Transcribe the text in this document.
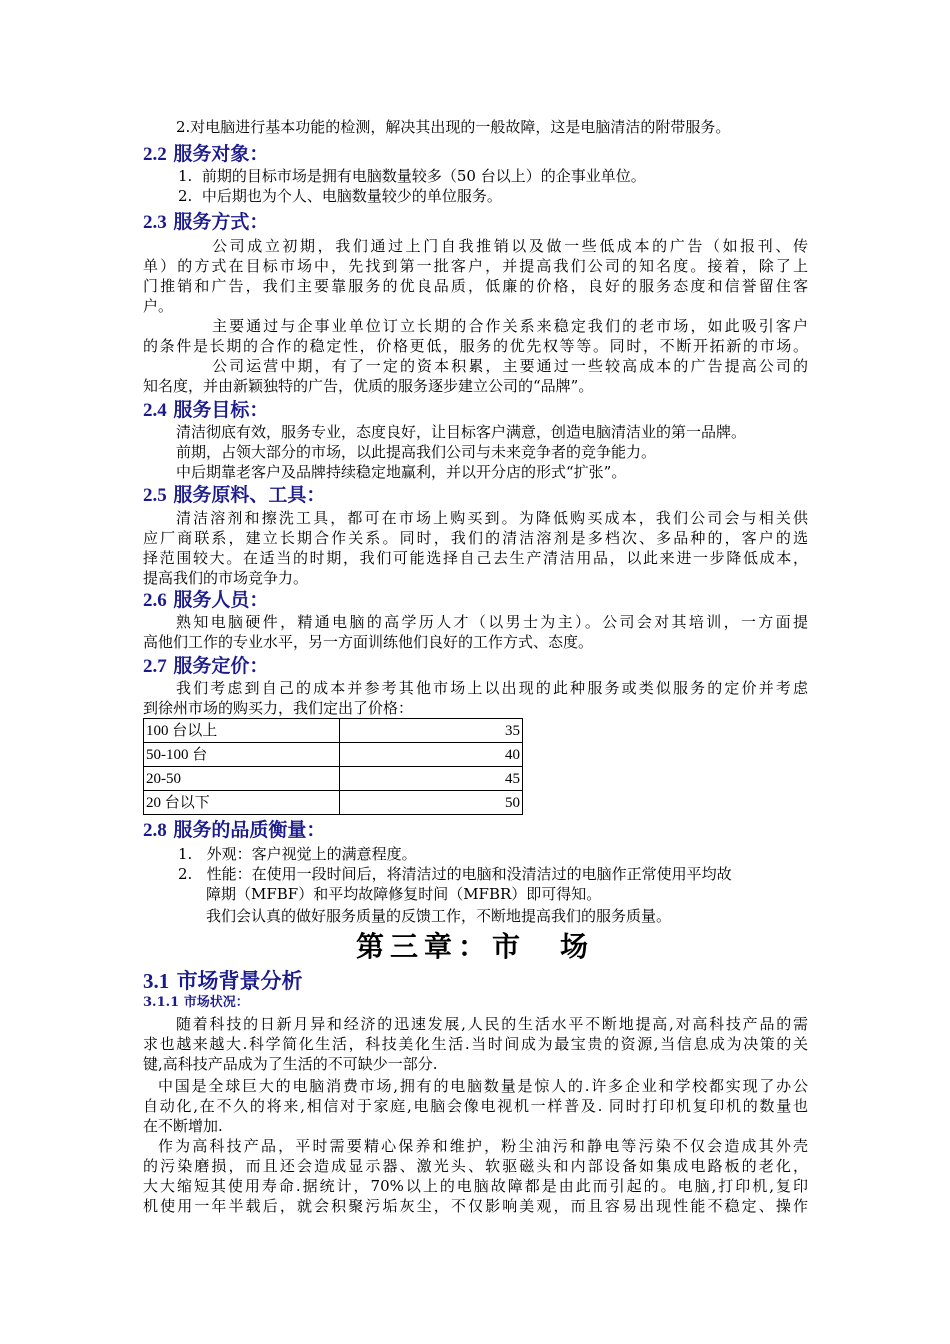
2.对电脑进行基本功能的检测，解决其出现的一般故障，这是电脑清洁的附带服务。
2.2 服务对象：
1. 前期的目标市场是拥有电脑数量较多（50 台以上）的企事业单位。
2. 中后期也为个人、电脑数量较少的单位服务。
2.3 服务方式：
公司成立初期，我们通过上门自我推销以及做一些低成本的广告（如报刊、传
单）的方式在目标市场中，先找到第一批客户，并提高我们公司的知名度。接着，除了上
门推销和广告，我们主要靠服务的优良品质，低廉的价格，良好的服务态度和信誉留住客
户。
主要通过与企事业单位订立长期的合作关系来稳定我们的老市场，如此吸引客户
的条件是长期的合作的稳定性，价格更低，服务的优先权等等。同时，不断开拓新的市场。
公司运营中期，有了一定的资本积累，主要通过一些较高成本的广告提高公司的
知名度，并由新颖独特的广告，优质的服务逐步建立公司的“品牌”。
2.4 服务目标：
清洁彻底有效，服务专业，态度良好，让目标客户满意，创造电脑清洁业的第一品牌。
前期，占领大部分的市场，以此提高我们公司与未来竞争者的竞争能力。
中后期靠老客户及品牌持续稳定地赢利，并以开分店的形式“扩张”。
2.5 服务原料、工具：
清洁溶剂和擦洗工具，都可在市场上购买到。为降低购买成本，我们公司会与相关供
应厂商联系，建立长期合作关系。同时，我们的清洁溶剂是多档次、多品种的，客户的选
择范围较大。在适当的时期，我们可能选择自己去生产清洁用品，以此来进一步降低成本，
提高我们的市场竞争力。
2.6 服务人员：
熟知电脑硬件，精通电脑的高学历人才（以男士为主）。公司会对其培训，一方面提
高他们工作的专业水平，另一方面训练他们良好的工作方式、态度。
2.7 服务定价：
我们考虑到自己的成本并参考其他市场上以出现的此种服务或类似服务的定价并考虑
到徐州市场的购买力，我们定出了价格：
100 台以上	35
50-100 台	40
20-50	45
20 台以下	50
2.8 服务的品质衡量：
1. 外观：客户视觉上的满意程度。
2. 性能：在使用一段时间后，将清洁过的电脑和没清洁过的电脑作正常使用平均故
障期（MFBF）和平均故障修复时间（MFBR）即可得知。
我们会认真的做好服务质量的反馈工作，不断地提高我们的服务质量。
第三章：市　场
3.1 市场背景分析
3.1.1 市场状况：
随着科技的日新月异和经济的迅速发展,人民的生活水平不断地提高,对高科技产品的需
求也越来越大.科学简化生活，科技美化生活.当时间成为最宝贵的资源,当信息成为决策的关
键,高科技产品成为了生活的不可缺少一部分.
中国是全球巨大的电脑消费市场,拥有的电脑数量是惊人的.许多企业和学校都实现了办公
自动化,在不久的将来,相信对于家庭,电脑会像电视机一样普及. 同时打印机复印机的数量也
在不断增加.
作为高科技产品，平时需要精心保养和维护，粉尘油污和静电等污染不仅会造成其外壳
的污染磨损，而且还会造成显示器、激光头、软驱磁头和内部设备如集成电路板的老化，
大大缩短其使用寿命.据统计，70%以上的电脑故障都是由此而引起的。电脑,打印机,复印
机使用一年半载后，就会积聚污垢灰尘，不仅影响美观，而且容易出现性能不稳定、操作
